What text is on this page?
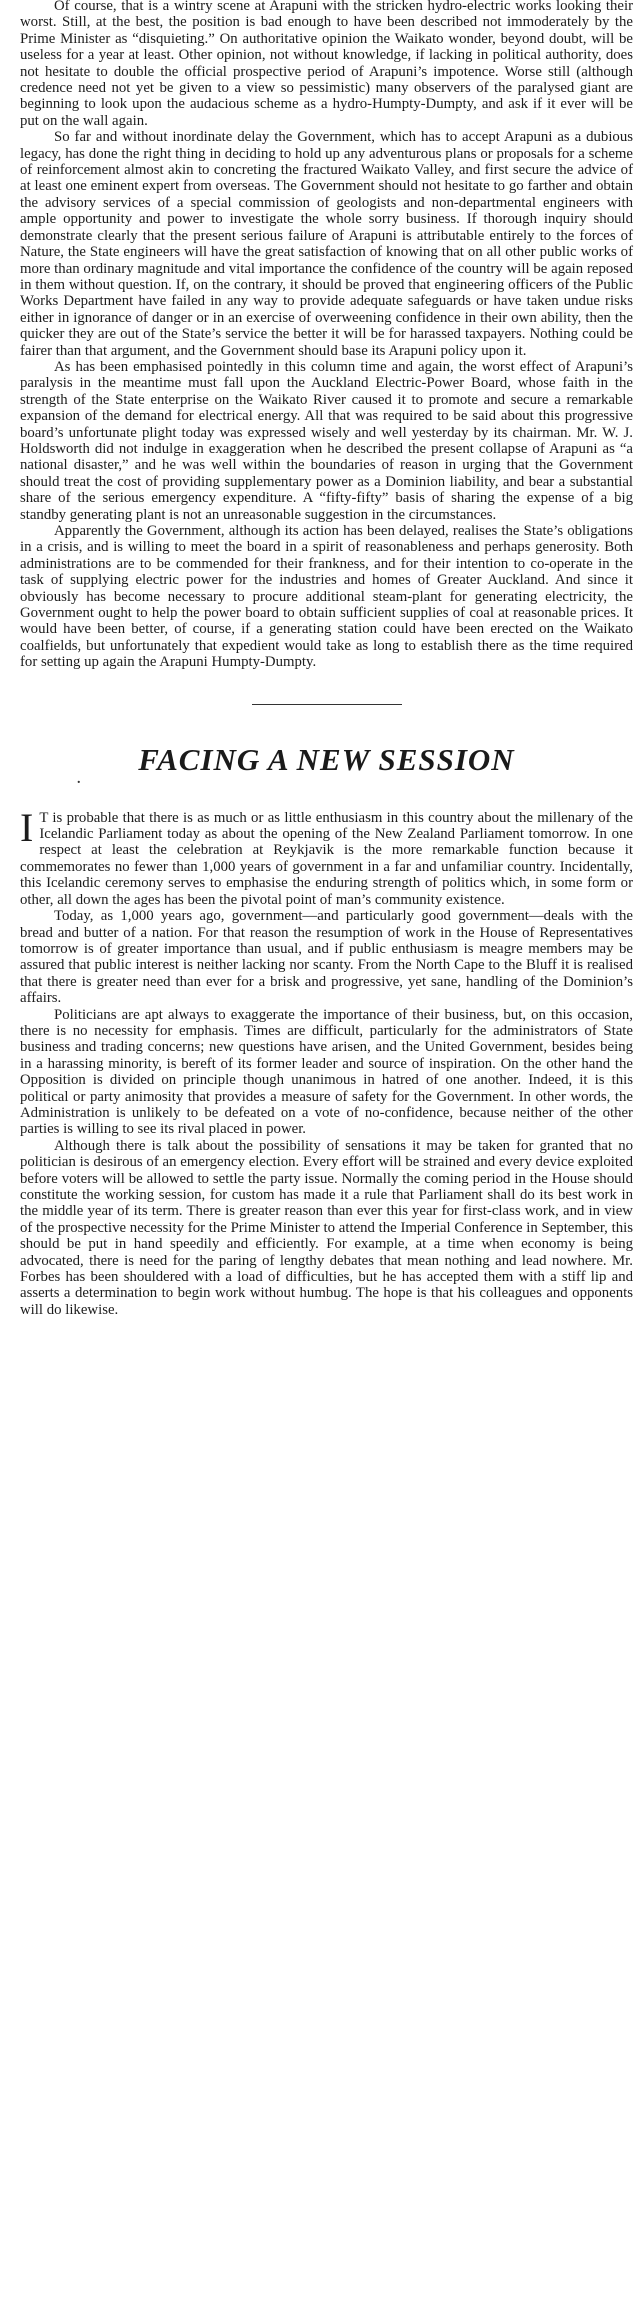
Of course, that is a wintry scene at Arapuni with the stricken hydro-electric works looking their worst. Still, at the best, the position is bad enough to have been described not immoderately by the Prime Minister as “disquieting.” On authoritative opinion the Waikato wonder, beyond doubt, will be useless for a year at least. Other opinion, not without knowledge, if lacking in political authority, does not hesitate to double the official prospective period of Arapuni’s impotence. Worse still (although credence need not yet be given to a view so pessimistic) many observers of the paralysed giant are beginning to look upon the audacious scheme as a hydro-Humpty-Dumpty, and ask if it ever will be put on the wall again.

So far and without inordinate delay the Government, which has to accept Arapuni as a dubious legacy, has done the right thing in deciding to hold up any adventurous plans or proposals for a scheme of reinforcement almost akin to concreting the fractured Waikato Valley, and first secure the advice of at least one eminent expert from overseas. The Government should not hesitate to go farther and obtain the advisory services of a special commission of geologists and non-departmental engineers with ample opportunity and power to investigate the whole sorry business. If thorough inquiry should demonstrate clearly that the present serious failure of Arapuni is attributable entirely to the forces of Nature, the State engineers will have the great satisfaction of knowing that on all other public works of more than ordinary magnitude and vital importance the confidence of the country will be again reposed in them without question. If, on the contrary, it should be proved that engineering officers of the Public Works Department have failed in any way to provide adequate safeguards or have taken undue risks either in ignorance of danger or in an exercise of overweening confidence in their own ability, then the quicker they are out of the State’s service the better it will be for harassed taxpayers. Nothing could be fairer than that argument, and the Government should base its Arapuni policy upon it.

As has been emphasised pointedly in this column time and again, the worst effect of Arapuni’s paralysis in the meantime must fall upon the Auckland Electric-Power Board, whose faith in the strength of the State enterprise on the Waikato River caused it to promote and secure a remarkable expansion of the demand for electrical energy. All that was required to be said about this progressive board’s unfortunate plight today was expressed wisely and well yesterday by its chairman. Mr. W. J. Holdsworth did not indulge in exaggeration when he described the present collapse of Arapuni as “a national disaster,” and he was well within the boundaries of reason in urging that the Government should treat the cost of providing supplementary power as a Dominion liability, and bear a substantial share of the serious emergency expenditure. A “fifty-fifty” basis of sharing the expense of a big standby generating plant is not an unreasonable suggestion in the circumstances.

Apparently the Government, although its action has been delayed, realises the State’s obligations in a crisis, and is willing to meet the board in a spirit of reasonableness and perhaps generosity. Both administrations are to be commended for their frankness, and for their intention to co-operate in the task of supplying electric power for the industries and homes of Greater Auckland. And since it obviously has become necessary to procure additional steam-plant for generating electricity, the Government ought to help the power board to obtain sufficient supplies of coal at reasonable prices. It would have been better, of course, if a generating station could have been erected on the Waikato coalfields, but unfortunately that expedient would take as long to establish there as the time required for setting up again the Arapuni Humpty-Dumpty.

.
FACING A NEW SESSION

I T is probable that there is as much or as little enthusiasm in this country about the millenary of the Icelandic Parliament today as about the opening of the New Zealand Parliament tomorrow. In one respect at least the celebration at Reykjavik is the more remarkable function because it commemorates no fewer than 1,000 years of government in a far and unfamiliar country. Incidentally, this Icelandic ceremony serves to emphasise the enduring strength of politics which, in some form or other, all down the ages has been the pivotal point of man’s community existence.

Today, as 1,000 years ago, government—and particularly good government—deals with the bread and butter of a nation. For that reason the resumption of work in the House of Representatives tomorrow is of greater importance than usual, and if public enthusiasm is meagre members may be assured that public interest is neither lacking nor scanty. From the North Cape to the Bluff it is realised that there is greater need than ever for a brisk and progressive, yet sane, handling of the Dominion’s affairs.

Politicians are apt always to exaggerate the importance of their business, but, on this occasion, there is no necessity for emphasis. Times are difficult, particularly for the administrators of State business and trading concerns; new questions have arisen, and the United Government, besides being in a harassing minority, is bereft of its former leader and source of inspiration. On the other hand the Opposition is divided on principle though unanimous in hatred of one another. Indeed, it is this political or party animosity that provides a measure of safety for the Government. In other words, the Administration is unlikely to be defeated on a vote of no-confidence, because neither of the other parties is willing to see its rival placed in power.

Although there is talk about the possibility of sensations it may be taken for granted that no politician is desirous of an emergency election. Every effort will be strained and every device exploited before voters will be allowed to settle the party issue. Normally the coming period in the House should constitute the working session, for custom has made it a rule that Parliament shall do its best work in the middle year of its term. There is greater reason than ever this year for first-class work, and in view of the prospective necessity for the Prime Minister to attend the Imperial Conference in September, this should be put in hand speedily and efficiently. For example, at a time when economy is being advocated, there is need for the paring of lengthy debates that mean nothing and lead nowhere. Mr. Forbes has been shouldered with a load of difficulties, but he has accepted them with a stiff lip and asserts a determination to begin work without humbug. The hope is that his colleagues and opponents will do likewise.
